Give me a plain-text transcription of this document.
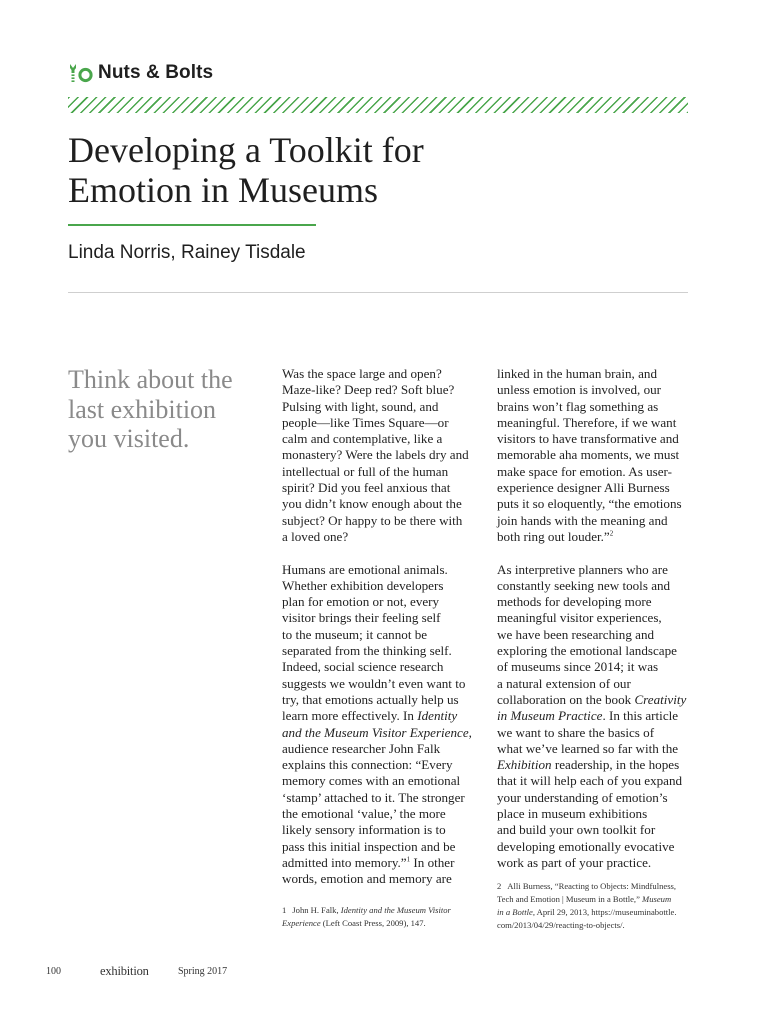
Nuts & Bolts
Developing a Toolkit for
Emotion in Museums
Linda Norris, Rainey Tisdale
Think about the
last exhibition
you visited.

Was the space large and open?
Maze-like? Deep red? Soft blue?
Pulsing with light, sound, and
people—like Times Square—or
calm and contemplative, like a
monastery? Were the labels dry and
intellectual or full of the human
spirit? Did you feel anxious that
you didn’t know enough about the
subject? Or happy to be there with
a loved one?

Humans are emotional animals.
Whether exhibition developers
plan for emotion or not, every
visitor brings their feeling self
to the museum; it cannot be
separated from the thinking self.
Indeed, social science research
suggests we wouldn’t even want to
try, that emotions actually help us
learn more effectively. In Identity
and the Museum Visitor Experience,
audience researcher John Falk
explains this connection: “Every
memory comes with an emotional
‘stamp’ attached to it. The stronger
the emotional ‘value,’ the more
likely sensory information is to
pass this initial inspection and be
admitted into memory.”$^1$ In other
words, emotion and memory are

linked in the human brain, and
unless emotion is involved, our
brains won’t flag something as
meaningful. Therefore, if we want
visitors to have transformative and
memorable aha moments, we must
make space for emotion. As user-
experience designer Alli Burness
puts it so eloquently, “the emotions
join hands with the meaning and
both ring out louder.”$^2$

As interpretive planners who are
constantly seeking new tools and
methods for developing more
meaningful visitor experiences,
we have been researching and
exploring the emotional landscape
of museums since 2014; it was
a natural extension of our
collaboration on the book Creativity
in Museum Practice. In this article
we want to share the basics of
what we’ve learned so far with the
Exhibition readership, in the hopes
that it will help each of you expand
your understanding of emotion’s
place in museum exhibitions
and build your own toolkit for
developing emotionally evocative
work as part of your practice.

2 Alli Burness, “Reacting to Objects: Mindfulness,
Tech and Emotion | Museum in a Bottle,” Museum
in a Bottle, April 29, 2013, https://museuminabottle.
com/2013/04/29/reacting-to-objects/.
1 John H. Falk, Identity and the Museum Visitor
Experience (Left Coast Press, 2009), 147.
100	exhibition	Spring 2017
